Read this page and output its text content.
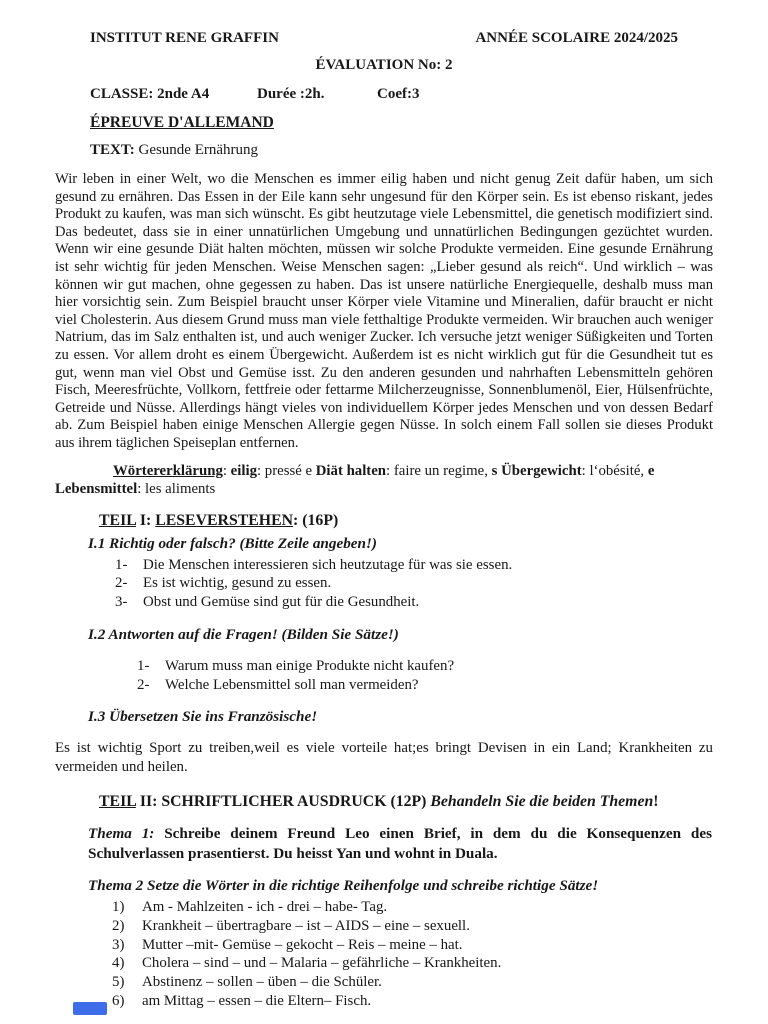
INSTITUT RENE GRAFFIN	ANNÉE SCOLAIRE 2024/2025
ÉVALUATION No: 2
CLASSE: 2nde A4	Durée :2h.	Coef:3
ÉPREUVE D'ALLEMAND
TEXT: Gesunde Ernährung
Wir leben in einer Welt, wo die Menschen es immer eilig haben und nicht genug Zeit dafür haben, um sich gesund zu ernähren. Das Essen in der Eile kann sehr ungesund für den Körper sein. Es ist ebenso riskant, jedes Produkt zu kaufen, was man sich wünscht. Es gibt heutzutage viele Lebensmittel, die genetisch modifiziert sind. Das bedeutet, dass sie in einer unnatürlichen Umgebung und unnatürlichen Bedingungen gezüchtet wurden. Wenn wir eine gesunde Diät halten möchten, müssen wir solche Produkte vermeiden. Eine gesunde Ernährung ist sehr wichtig für jeden Menschen. Weise Menschen sagen: „Lieber gesund als reich“. Und wirklich – was können wir gut machen, ohne gegessen zu haben. Das ist unsere natürliche Energiequelle, deshalb muss man hier vorsichtig sein. Zum Beispiel braucht unser Körper viele Vitamine und Mineralien, dafür braucht er nicht viel Cholesterin. Aus diesem Grund muss man viele fetthaltige Produkte vermeiden. Wir brauchen auch weniger Natrium, das im Salz enthalten ist, und auch weniger Zucker. Ich versuche jetzt weniger Süßigkeiten und Torten zu essen. Vor allem droht es einem Übergewicht. Außerdem ist es nicht wirklich gut für die Gesundheit tut es gut, wenn man viel Obst und Gemüse isst. Zu den anderen gesunden und nahrhaften Lebensmitteln gehören Fisch, Meeresfrüchte, Vollkorn, fettfreie oder fettarme Milcherzeugnisse, Sonnenblumenöl, Eier, Hülsenfrüchte, Getreide und Nüsse. Allerdings hängt vieles von individuellem Körper jedes Menschen und von dessen Bedarf ab. Zum Beispiel haben einige Menschen Allergie gegen Nüsse. In solch einem Fall sollen sie dieses Produkt aus ihrem täglichen Speiseplan entfernen.
Wörtererklärung: eilig: pressé e Diät halten: faire un regime, s Übergewicht: l‘obésité, e Lebensmittel: les aliments
TEIL I: LESEVERSTEHEN: (16P)
I.1 Richtig oder falsch? (Bitte Zeile angeben!)
1-	Die Menschen interessieren sich heutzutage für was sie essen.
2-	Es ist wichtig, gesund zu essen.
3-	Obst und Gemüse sind gut für die Gesundheit.
I.2 Antworten auf die Fragen! (Bilden Sie Sätze!)
1-	Warum muss man einige Produkte nicht kaufen?
2-	Welche Lebensmittel soll man vermeiden?
I.3 Übersetzen Sie ins Französische!
Es ist wichtig Sport zu treiben,weil es viele vorteile hat;es bringt Devisen in ein Land; Krankheiten zu vermeiden und heilen.
TEIL II: SCHRIFTLICHER AUSDRUCK (12P) Behandeln Sie die beiden Themen!
Thema 1: Schreibe deinem Freund Leo einen Brief, in dem du die Konsequenzen des Schulverlassen prasentierst. Du heisst Yan und wohnt in Duala.
Thema 2 Setze die Wörter in die richtige Reihenfolge und schreibe richtige Sätze!
1)	Am - Mahlzeiten - ich - drei – habe- Tag.
2)	Krankheit – übertragbare – ist – AIDS – eine – sexuell.
3)	Mutter –mit- Gemüse – gekocht – Reis – meine – hat.
4)	Cholera – sind – und – Malaria – gefährliche – Krankheiten.
5)	Abstinenz – sollen – üben – die Schüler.
6)	am Mittag – essen – die Eltern– Fisch.
